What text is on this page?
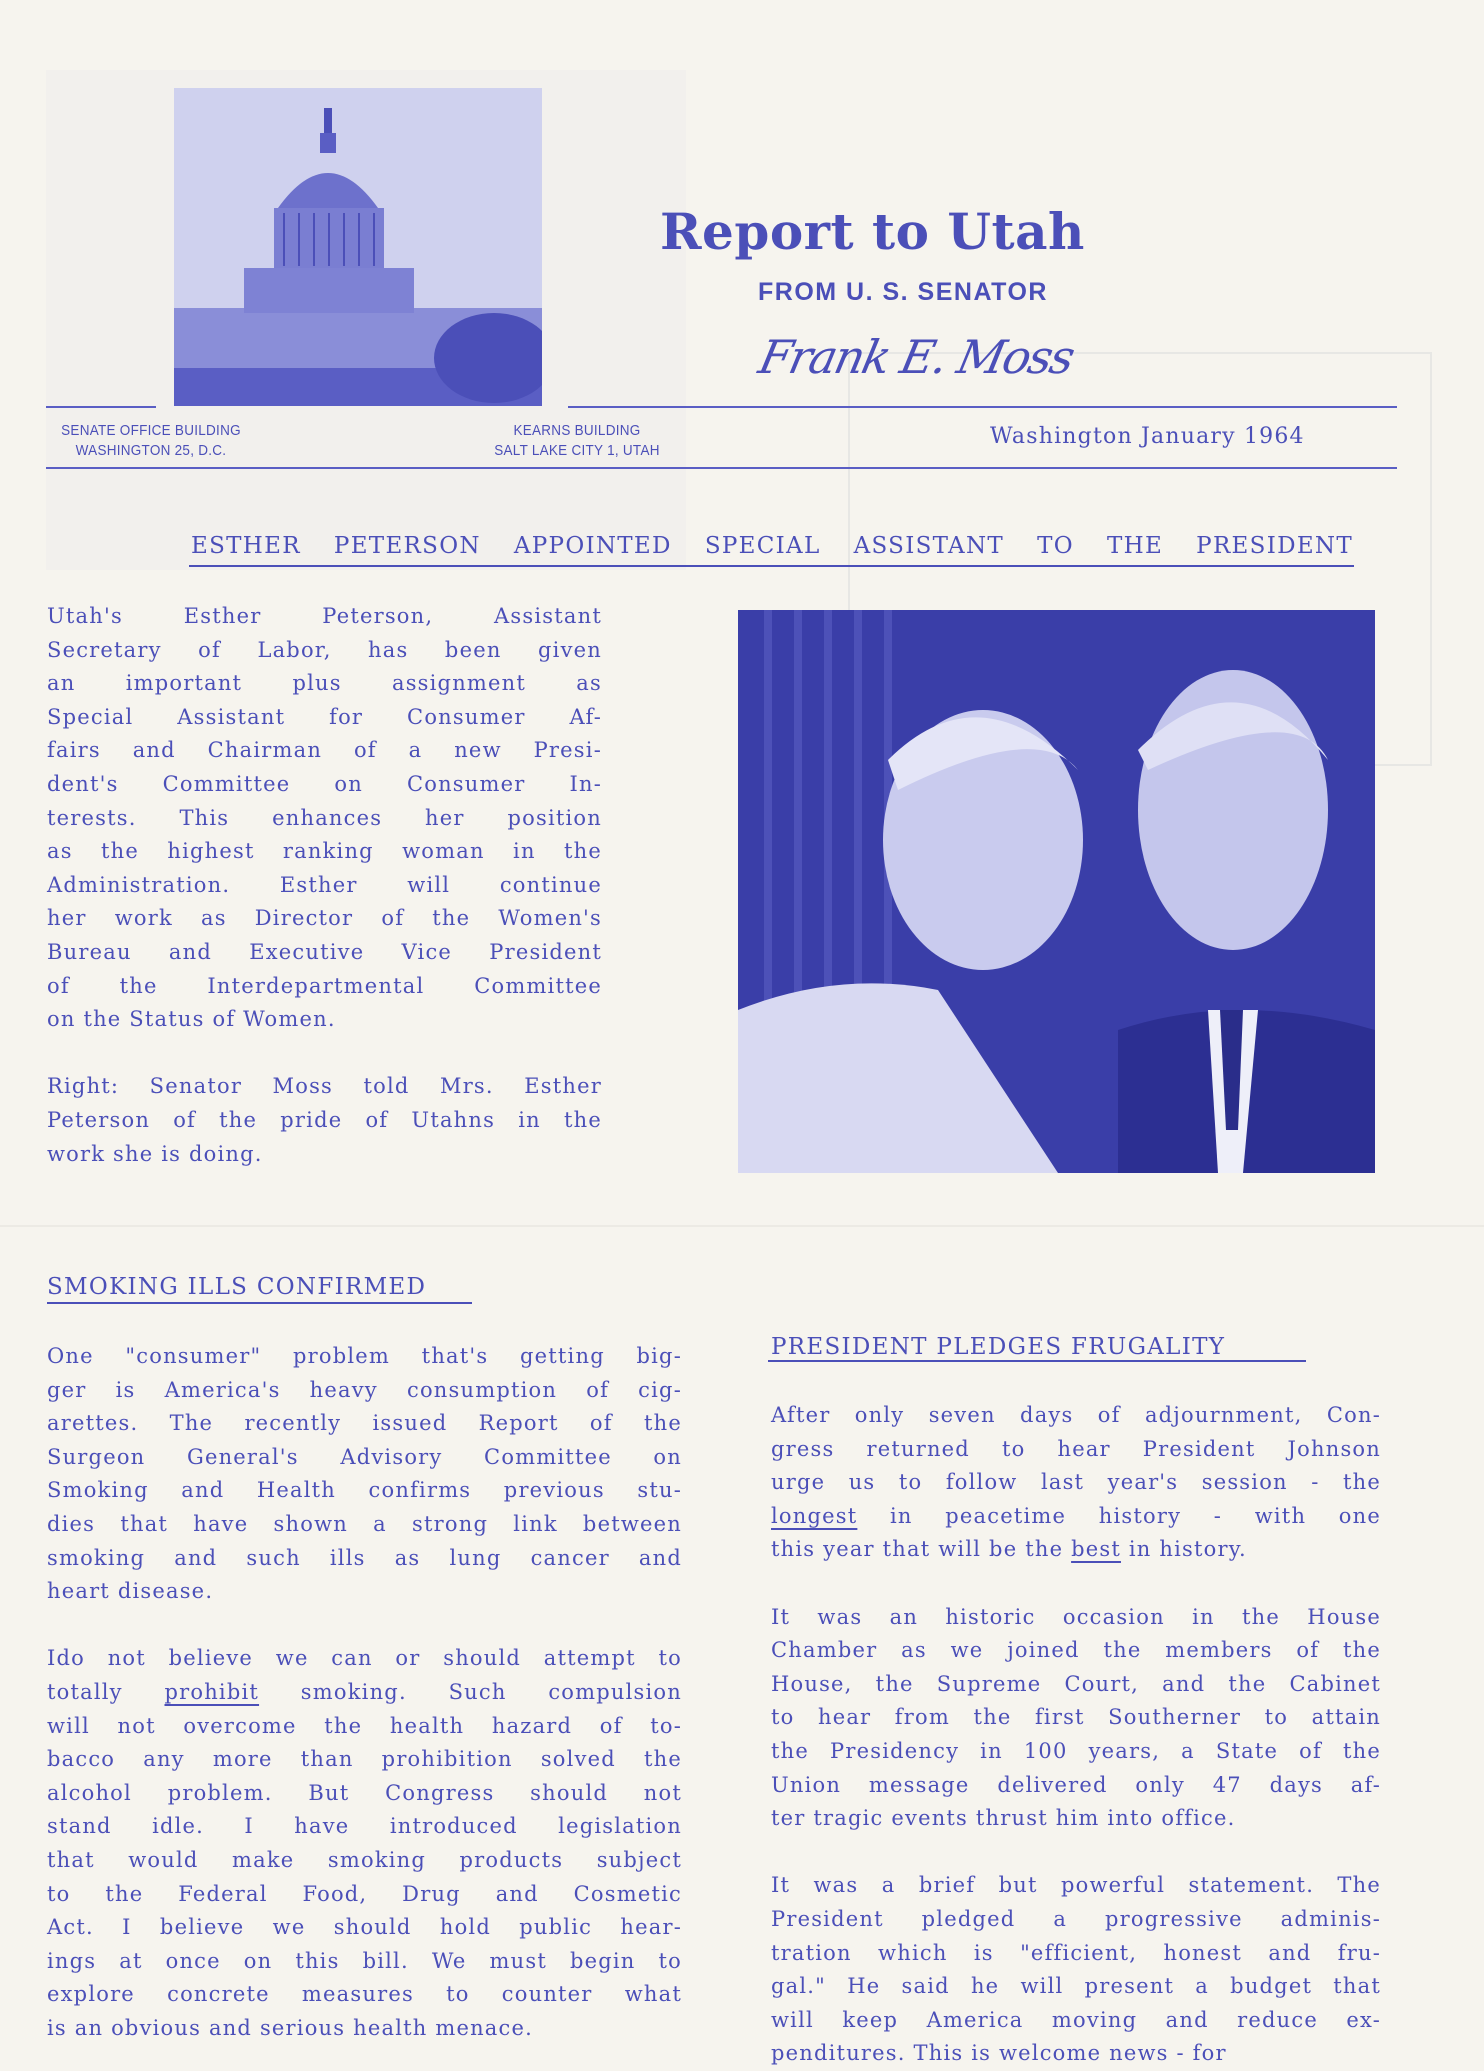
Report to Utah
FROM U. S. SENATOR
Frank E. Moss
SENATE OFFICE BUILDING
WASHINGTON 25, D.C.
KEARNS BUILDING
SALT LAKE CITY 1, UTAH
Washington January 1964
ESTHER PETERSON APPOINTED SPECIAL ASSISTANT TO THE PRESIDENT
Utah's Esther Peterson, Assistant
Secretary of Labor, has been given
an important plus assignment as
Special Assistant for Consumer Af-
fairs and Chairman of a new Presi-
dent's Committee on Consumer In-
terests. This enhances her position
as the highest ranking woman in the
Administration. Esther will continue
her work as Director of the Women's
Bureau and Executive Vice President
of the Interdepartmental Committee
on the Status of Women.
Right: Senator Moss told Mrs. Esther
Peterson of the pride of Utahns in the
work she is doing.
SMOKING ILLS CONFIRMED
One "consumer" problem that's getting big-
ger is America's heavy consumption of cig-
arettes. The recently issued Report of the
Surgeon General's Advisory Committee on
Smoking and Health confirms previous stu-
dies that have shown a strong link between
smoking and such ills as lung cancer and
heart disease.
Ido not believe we can or should attempt to
totally prohibit smoking. Such compulsion
will not overcome the health hazard of to-
bacco any more than prohibition solved the
alcohol problem. But Congress should not
stand idle. I have introduced legislation
that would make smoking products subject
to the Federal Food, Drug and Cosmetic
Act. I believe we should hold public hear-
ings at once on this bill. We must begin to
explore concrete measures to counter what
is an obvious and serious health menace.
PRESIDENT PLEDGES FRUGALITY
After only seven days of adjournment, Con-
gress returned to hear President Johnson
urge us to follow last year's session - the
longest in peacetime history - with one
this year that will be the best in history.
It was an historic occasion in the House
Chamber as we joined the members of the
House, the Supreme Court, and the Cabinet
to hear from the first Southerner to attain
the Presidency in 100 years, a State of the
Union message delivered only 47 days af-
ter tragic events thrust him into office.
It was a brief but powerful statement. The
President pledged a progressive adminis-
tration which is "efficient, honest and fru-
gal." He said he will present a budget that
will keep America moving and reduce ex-
penditures. This is welcome news - for
